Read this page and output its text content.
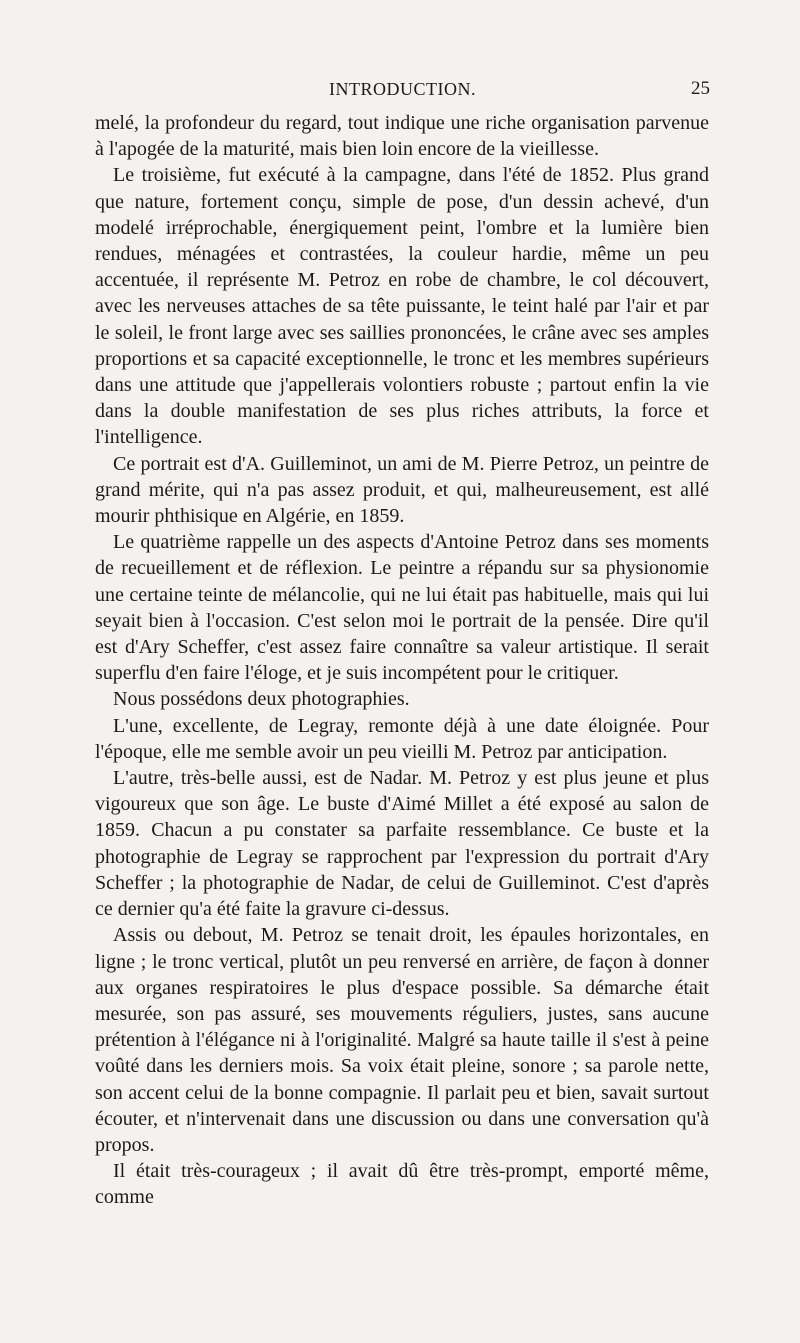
INTRODUCTION.	25

melé, la profondeur du regard, tout indique une riche organisation parvenue à l'apogée de la maturité, mais bien loin encore de la vieillesse.

Le troisième, fut exécuté à la campagne, dans l'été de 1852. Plus grand que nature, fortement conçu, simple de pose, d'un dessin achevé, d'un modelé irréprochable, énergiquement peint, l'ombre et la lumière bien rendues, ménagées et contrastées, la couleur hardie, même un peu accentuée, il représente M. Petroz en robe de chambre, le col découvert, avec les nerveuses attaches de sa tête puissante, le teint halé par l'air et par le soleil, le front large avec ses saillies prononcées, le crâne avec ses amples proportions et sa capacité exceptionnelle, le tronc et les membres supérieurs dans une attitude que j'appellerais volontiers robuste ; partout enfin la vie dans la double manifestation de ses plus riches attributs, la force et l'intelligence.

Ce portrait est d'A. Guilleminot, un ami de M. Pierre Petroz, un peintre de grand mérite, qui n'a pas assez produit, et qui, malheureusement, est allé mourir phthisique en Algérie, en 1859.

Le quatrième rappelle un des aspects d'Antoine Petroz dans ses moments de recueillement et de réflexion. Le peintre a répandu sur sa physionomie une certaine teinte de mélancolie, qui ne lui était pas habituelle, mais qui lui seyait bien à l'occasion. C'est selon moi le portrait de la pensée. Dire qu'il est d'Ary Scheffer, c'est assez faire connaître sa valeur artistique. Il serait superflu d'en faire l'éloge, et je suis incompétent pour le critiquer.

Nous possédons deux photographies.

L'une, excellente, de Legray, remonte déjà à une date éloignée. Pour l'époque, elle me semble avoir un peu vieilli M. Petroz par anticipation.

L'autre, très-belle aussi, est de Nadar. M. Petroz y est plus jeune et plus vigoureux que son âge. Le buste d'Aimé Millet a été exposé au salon de 1859. Chacun a pu constater sa parfaite ressemblance. Ce buste et la photographie de Legray se rapprochent par l'expression du portrait d'Ary Scheffer ; la photographie de Nadar, de celui de Guilleminot. C'est d'après ce dernier qu'a été faite la gravure ci-dessus.

Assis ou debout, M. Petroz se tenait droit, les épaules horizontales, en ligne ; le tronc vertical, plutôt un peu renversé en arrière, de façon à donner aux organes respiratoires le plus d'espace possible. Sa démarche était mesurée, son pas assuré, ses mouvements réguliers, justes, sans aucune prétention à l'élégance ni à l'originalité. Malgré sa haute taille il s'est à peine voûté dans les derniers mois. Sa voix était pleine, sonore ; sa parole nette, son accent celui de la bonne compagnie. Il parlait peu et bien, savait surtout écouter, et n'intervenait dans une discussion ou dans une conversation qu'à propos.

Il était très-courageux ; il avait dû être très-prompt, emporté même, comme
